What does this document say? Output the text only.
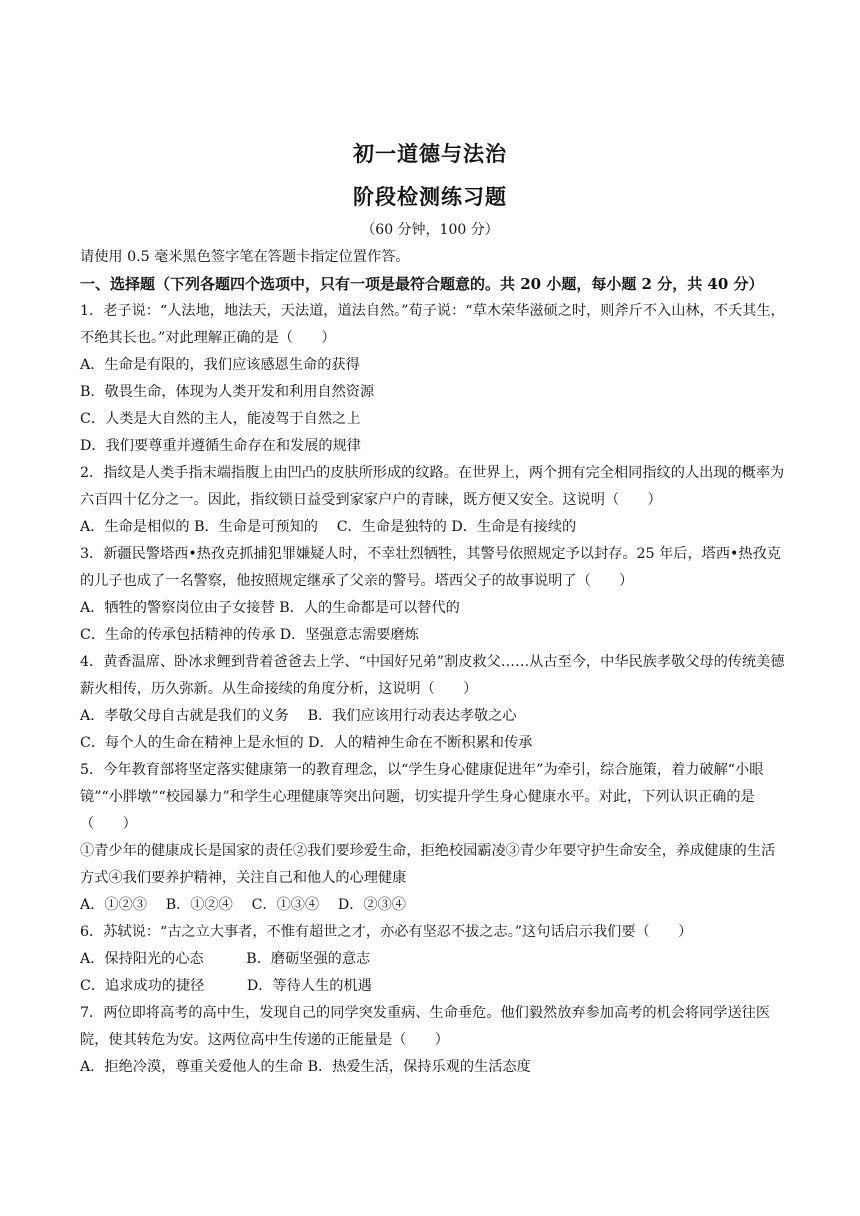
初一道德与法治
阶段检测练习题
（60 分钟，100 分）

请使用 0.5 毫米黑色签字笔在答题卡指定位置作答。

一、选择题（下列各题四个选项中，只有一项是最符合题意的。共 20 小题，每小题 2 分，共 40 分）

1．老子说：“人法地，地法天，天法道，道法自然。”荀子说：“草木荣华滋硕之时，则斧斤不入山林，不夭其生，不绝其长也。”对此理解正确的是（　　）

A．生命是有限的，我们应该感恩生命的获得

B．敬畏生命，体现为人类开发和利用自然资源

C．人类是大自然的主人，能凌驾于自然之上

D．我们要尊重并遵循生命存在和发展的规律

2．指纹是人类手指末端指腹上由凹凸的皮肤所形成的纹路。在世界上，两个拥有完全相同指纹的人出现的概率为六百四十亿分之一。因此，指纹锁日益受到家家户户的青睐，既方便又安全。这说明（　　）

A．生命是相似的 B．生命是可预知的　 C．生命是独特的 D．生命是有接续的

3．新疆民警塔西•热孜克抓捕犯罪嫌疑人时，不幸壮烈牺牲，其警号依照规定予以封存。25 年后，塔西•热孜克的儿子也成了一名警察，他按照规定继承了父亲的警号。塔西父子的故事说明了（　　）

A．牺牲的警察岗位由子女接替 B．人的生命都是可以替代的

C．生命的传承包括精神的传承 D．坚强意志需要磨炼

4．黄香温席、卧冰求鲤到背着爸爸去上学、“中国好兄弟”割皮救父……从古至今，中华民族孝敬父母的传统美德薪火相传，历久弥新。从生命接续的角度分析，这说明（　　）

A．孝敬父母自古就是我们的义务　 B．我们应该用行动表达孝敬之心

C．每个人的生命在精神上是永恒的 D．人的精神生命在不断积累和传承

5．今年教育部将坚定落实健康第一的教育理念，以“学生身心健康促进年”为牵引，综合施策，着力破解“小眼镜”“小胖墩”“校园暴力”和学生心理健康等突出问题，切实提升学生身心健康水平。对此，下列认识正确的是（　　）

①青少年的健康成长是国家的责任②我们要珍爱生命，拒绝校园霸凌③青少年要守护生命安全，养成健康的生活方式④我们要养护精神，关注自己和他人的心理健康

A．①②③　 B．①②④　 C．①③④　 D．②③④

6．苏轼说：“古之立大事者，不惟有超世之才，亦必有坚忍不拔之志。”这句话启示我们要（　　）

A．保持阳光的心态　　　B．磨砺坚强的意志

C．追求成功的捷径　　　D．等待人生的机遇

7．两位即将高考的高中生，发现自己的同学突发重病、生命垂危。他们毅然放弃参加高考的机会将同学送往医院，使其转危为安。这两位高中生传递的正能量是（　　）

A．拒绝冷漠，尊重关爱他人的生命 B．热爱生活，保持乐观的生活态度
